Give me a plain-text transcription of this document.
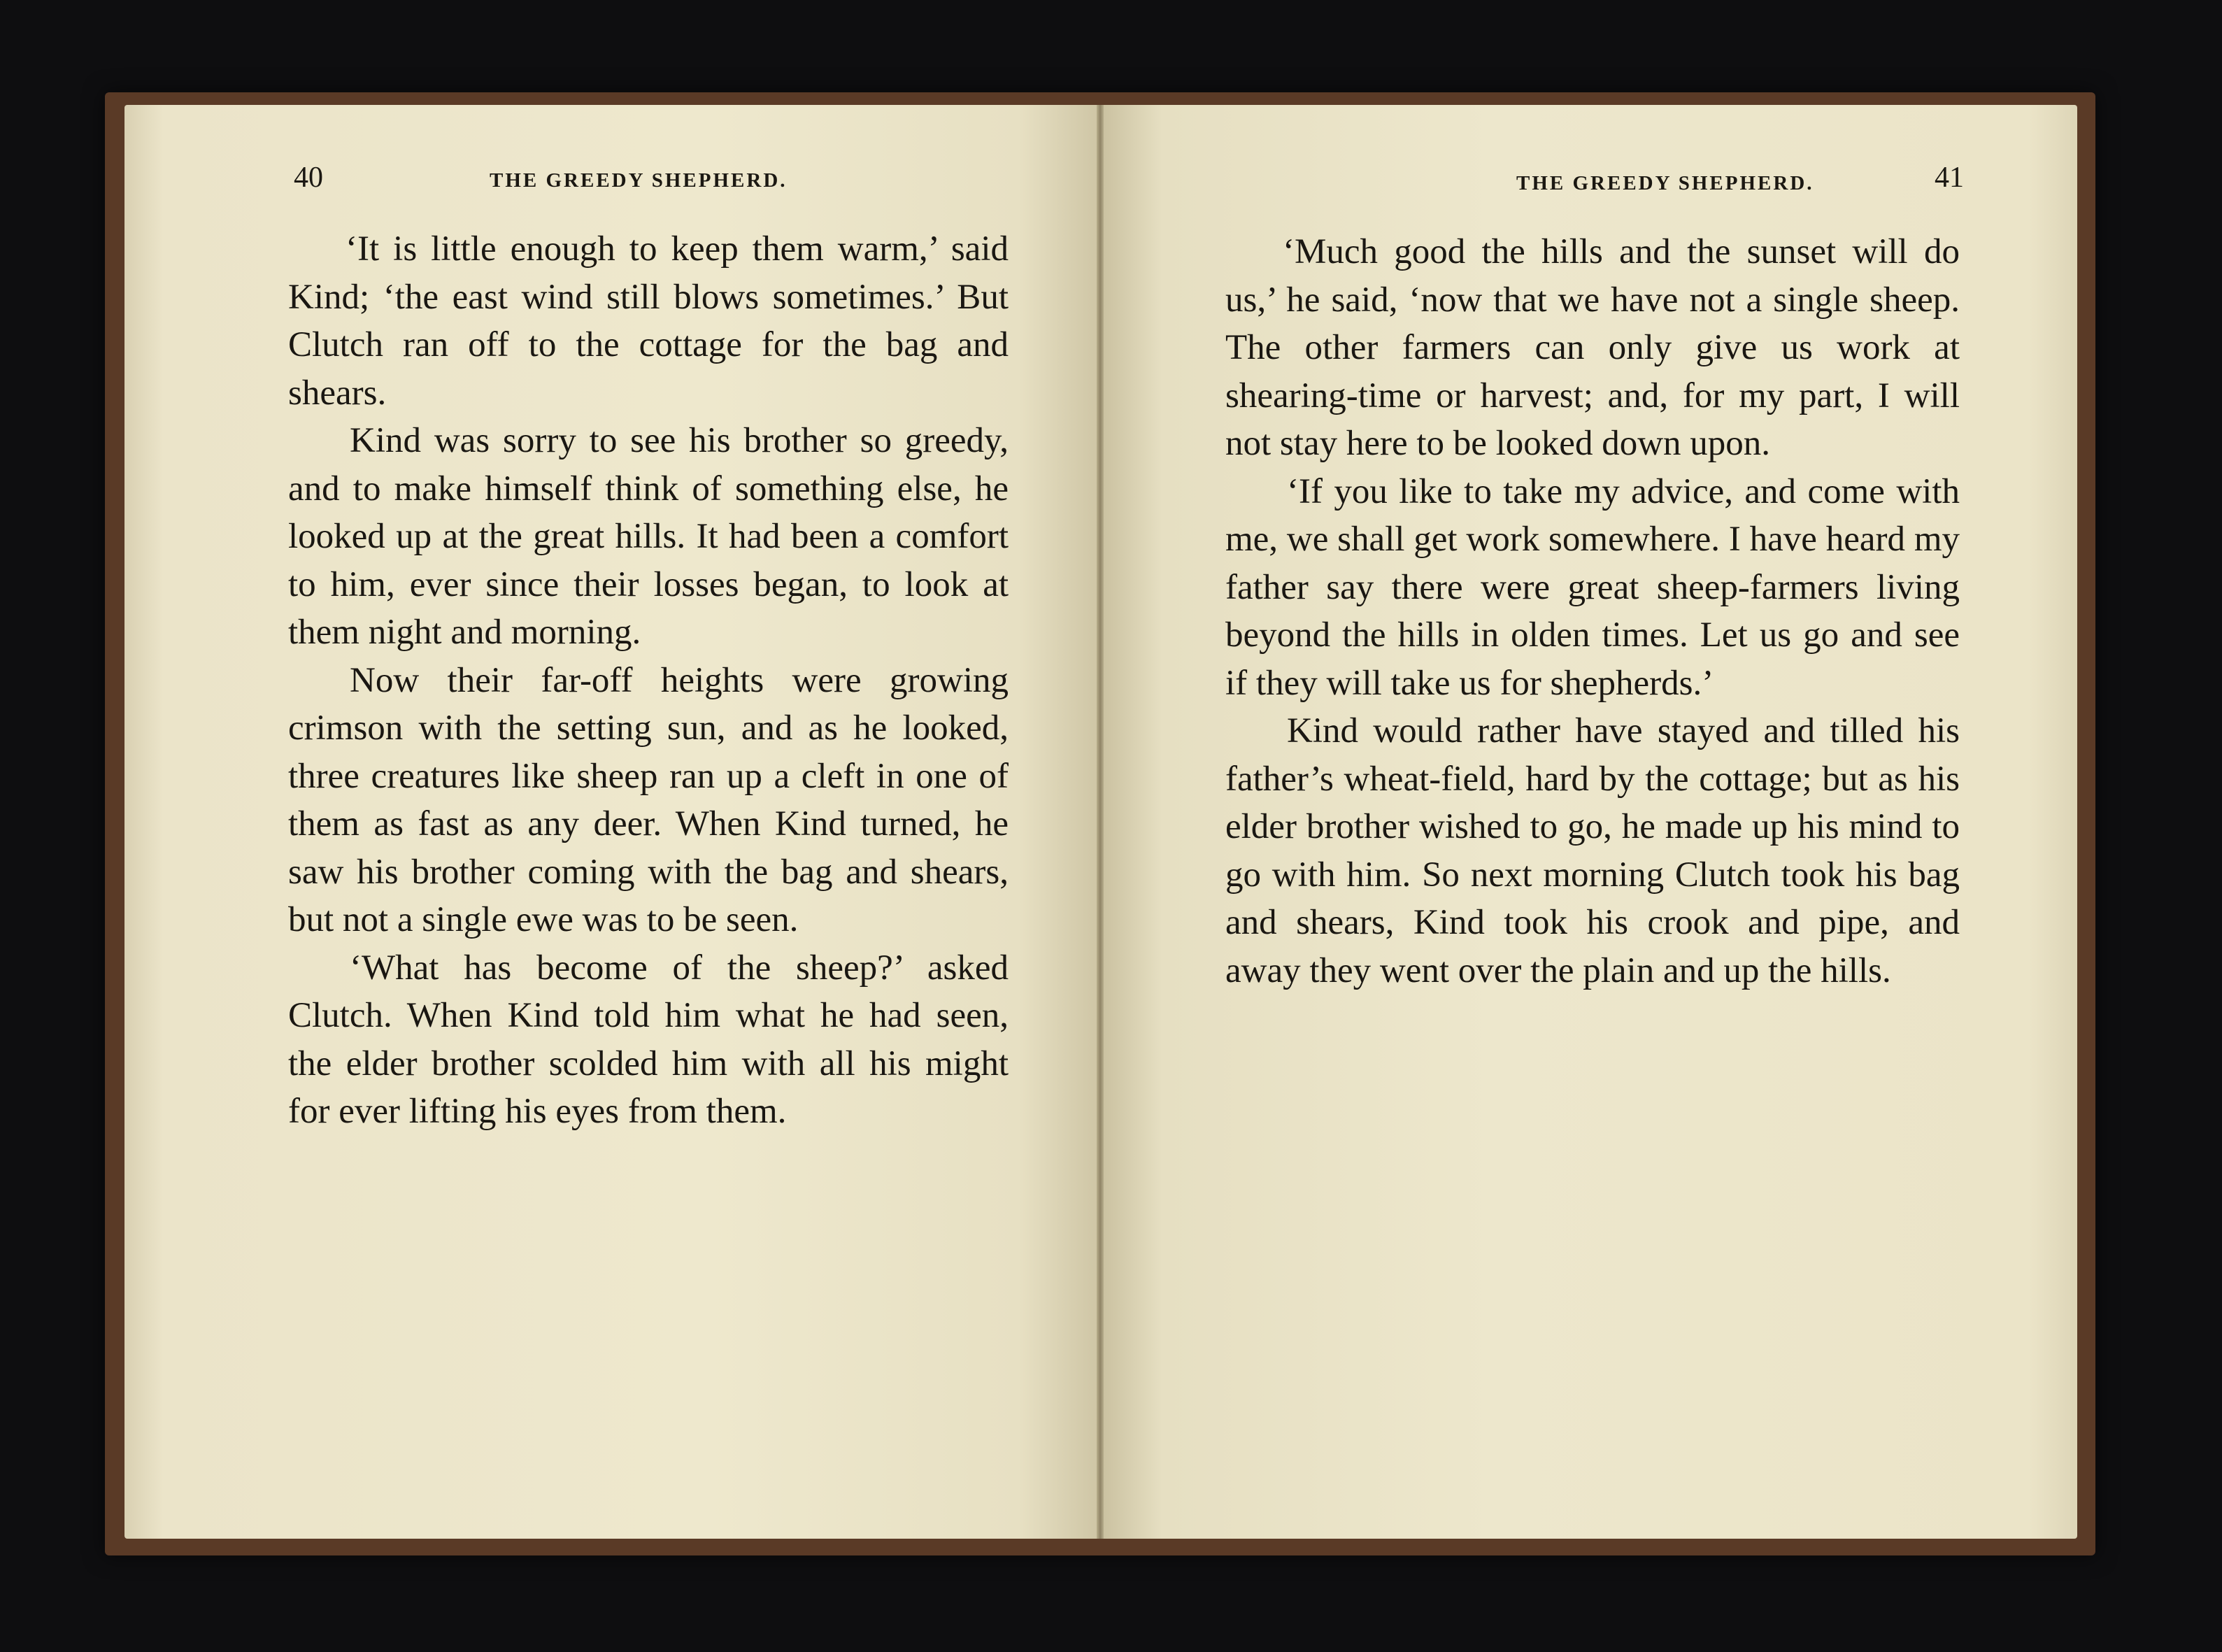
40	THE GREEDY SHEPHERD.

‘It is little enough to keep them warm,’ said Kind; ‘the east wind still blows sometimes.’ But Clutch ran off to the cottage for the bag and shears.

Kind was sorry to see his brother so greedy, and to make himself think of something else, he looked up at the great hills. It had been a comfort to him, ever since their losses began, to look at them night and morning.

Now their far-off heights were growing crimson with the setting sun, and as he looked, three creatures like sheep ran up a cleft in one of them as fast as any deer. When Kind turned, he saw his brother coming with the bag and shears, but not a single ewe was to be seen.

‘What has become of the sheep?’ asked Clutch. When Kind told him what he had seen, the elder brother scolded him with all his might for ever lifting his eyes from them.

THE GREEDY SHEPHERD.	41

‘Much good the hills and the sunset will do us,’ he said, ‘now that we have not a single sheep. The other farmers can only give us work at shearing-time or harvest; and, for my part, I will not stay here to be looked down upon.

‘If you like to take my advice, and come with me, we shall get work somewhere. I have heard my father say there were great sheep-farmers living beyond the hills in olden times. Let us go and see if they will take us for shepherds.’

Kind would rather have stayed and tilled his father’s wheat-field, hard by the cottage; but as his elder brother wished to go, he made up his mind to go with him. So next morning Clutch took his bag and shears, Kind took his crook and pipe, and away they went over the plain and up the hills.
